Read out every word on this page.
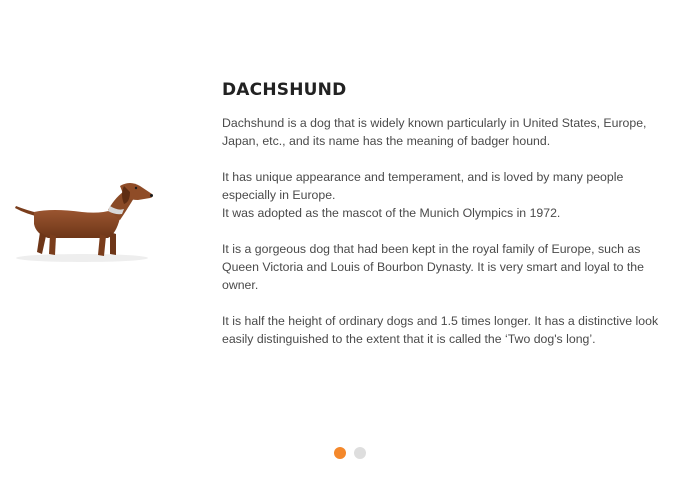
DACHSHUND

Dachshund is a dog that is widely known particularly in United States, Europe, Japan, etc., and its name has the meaning of badger hound.

It has unique appearance and temperament, and is loved by many people especially in Europe.
It was adopted as the mascot of the Munich Olympics in 1972.

It is a gorgeous dog that had been kept in the royal family of Europe, such as Queen Victoria and Louis of Bourbon Dynasty. It is very smart and loyal to the owner.

It is half the height of ordinary dogs and 1.5 times longer. It has a distinctive look easily distinguished to the extent that it is called the ‘Two dog's long’.
